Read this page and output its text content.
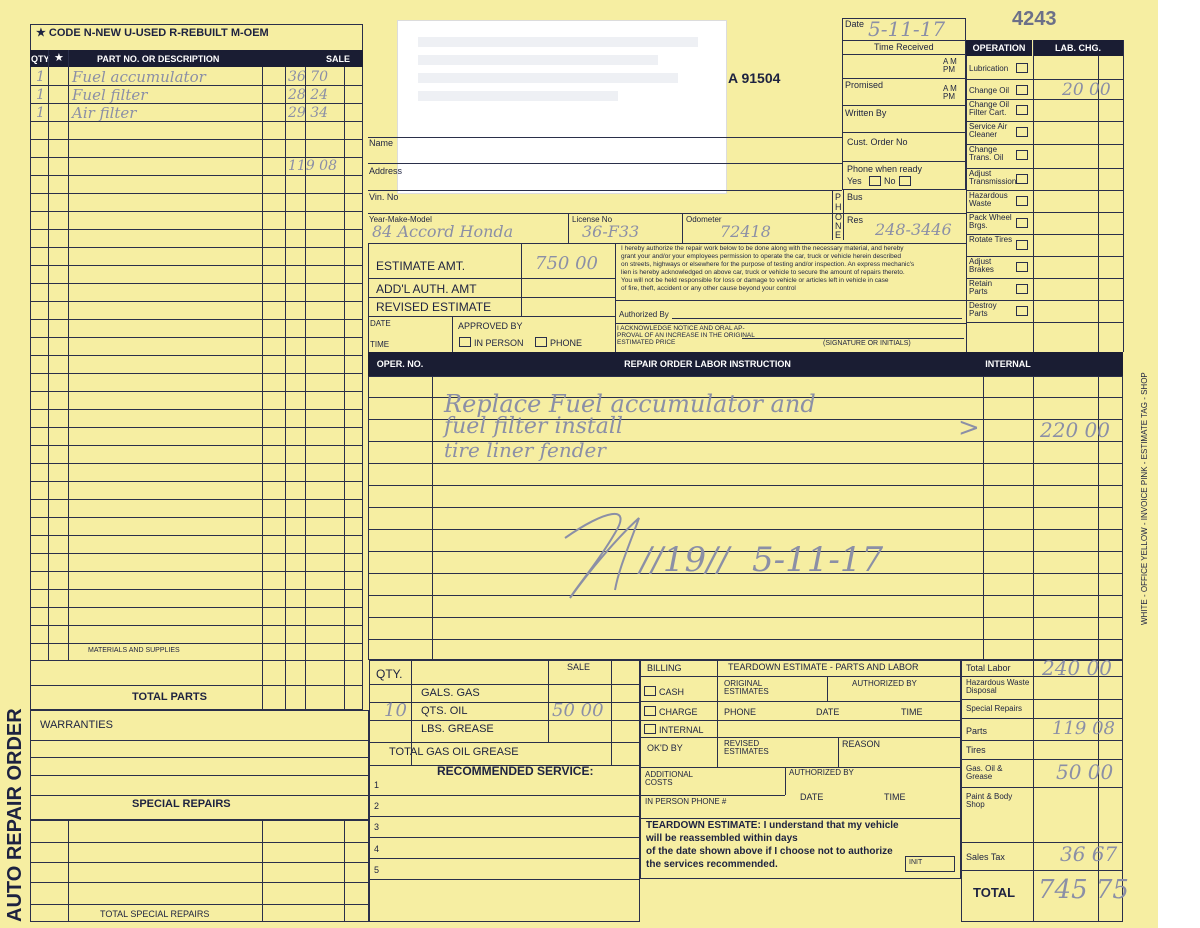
★ CODE N-NEW U-USED R-REBUILT M-OEM
QTY ★	PART NO. OR DESCRIPTION	SALE
1 Fuel accumulator	36 70
1 Fuel filter	28 24
1 Air filter	29 34
119 08
MATERIALS AND SUPPLIES
TOTAL PARTS
WARRANTIES
SPECIAL REPAIRS
TOTAL SPECIAL REPAIRS
AUTO REPAIR ORDER
A 91504
Name
Address
Vin. No
Year-Make-Model
84 Accord Honda
License No
36-F33
Odometer
72418
P
H
O
N
E
Bus
Res 248-3446
Date 5-11-17
Time Received
A M
PM
Promised	A M
PM
Written By
Cust. Order No
Phone when ready
Yes No
4243
OPERATION	LAB. CHG.
Lubrication
Change Oil	20 00
Change Oil Filter Cart.
Service Air Cleaner
Change Trans. Oil
Adjust Transmission
Hazardous Waste
Pack Wheel Brgs.
Rotate Tires
Adjust Brakes
Retain Parts
Destroy Parts
ESTIMATE AMT.	750 00
ADD'L AUTH. AMT
REVISED ESTIMATE
DATE
TIME
APPROVED BY
IN PERSON	PHONE
I hereby authorize the repair work below to be done along with the necessary material, and hereby
grant your and/or your employees permission to operate the car, truck or vehicle herein described
on streets, highways or elsewhere for the purpose of testing and/or inspection. An express mechanic's
lien is hereby acknowledged on above car, truck or vehicle to secure the amount of repairs thereto.
You will not be held responsible for loss or damage to vehicle or articles left in vehicle in case
of fire, theft, accident or any other cause beyond your control
Authorized By
I ACKNOWLEDGE NOTICE AND ORAL AP-
PROVAL OF AN INCREASE IN THE ORIGINAL
ESTIMATED PRICE	(SIGNATURE OR INITIALS)
OPER. NO.	REPAIR ORDER LABOR INSTRUCTION	INTERNAL
Replace Fuel accumulator and
fuel filter install
tire liner fender
>	220 00
//19// 5-11-17
QTY.	SALE
GALS. GAS
QTS. OIL
10	50 00
LBS. GREASE
TOTAL GAS OIL GREASE
RECOMMENDED SERVICE:
1
2
3
4
5
BILLING	TEARDOWN ESTIMATE - PARTS AND LABOR
CASH
ORIGINAL ESTIMATES
AUTHORIZED BY
CHARGE	PHONE	DATE	TIME
INTERNAL
OK'D BY	REVISED ESTIMATES
REASON
ADDITIONAL COSTS
AUTHORIZED BY
DATE	TIME
IN PERSON PHONE #
TEARDOWN ESTIMATE: I understand that my vehicle
will be reassembled within days
of the date shown above if I choose not to authorize
the services recommended.	INIT
Total Labor 240 00
Hazardous Waste Disposal
Special Repairs
Parts	119 08
Tires
Gas. Oil & Grease	50 00
Paint & Body Shop
Sales Tax	36 67
TOTAL 745 75
WHITE - OFFICE YELLOW - INVOICE PINK - ESTIMATE TAG - SHOP
